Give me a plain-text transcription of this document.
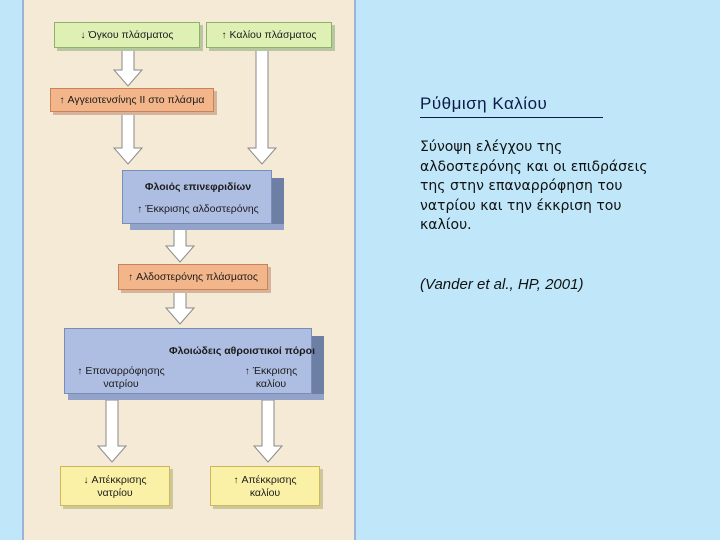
↓ Όγκου πλάσματος	↑ Καλίου πλάσματος
↑ Αγγειοτενσίνης II στο πλάσμα
Φλοιός επινεφριδίων
↑ Έκκρισης αλδοστερόνης
↑ Αλδοστερόνης πλάσματος
Φλοιώδεις αθροιστικοί πόροι
↑ Επαναρρόφησης
νατρίου
↑ Έκκρισης
καλίου
↓ Απέκκρισης
νατρίου
↑ Απέκκρισης
καλίου
Ρύθμιση Καλίου

Σύνοψη ελέγχου της αλδοστερόνης και οι επιδράσεις της στην επαναρρόφηση του νατρίου και την έκκριση του καλίου.

(Vander et al., HP, 2001)
